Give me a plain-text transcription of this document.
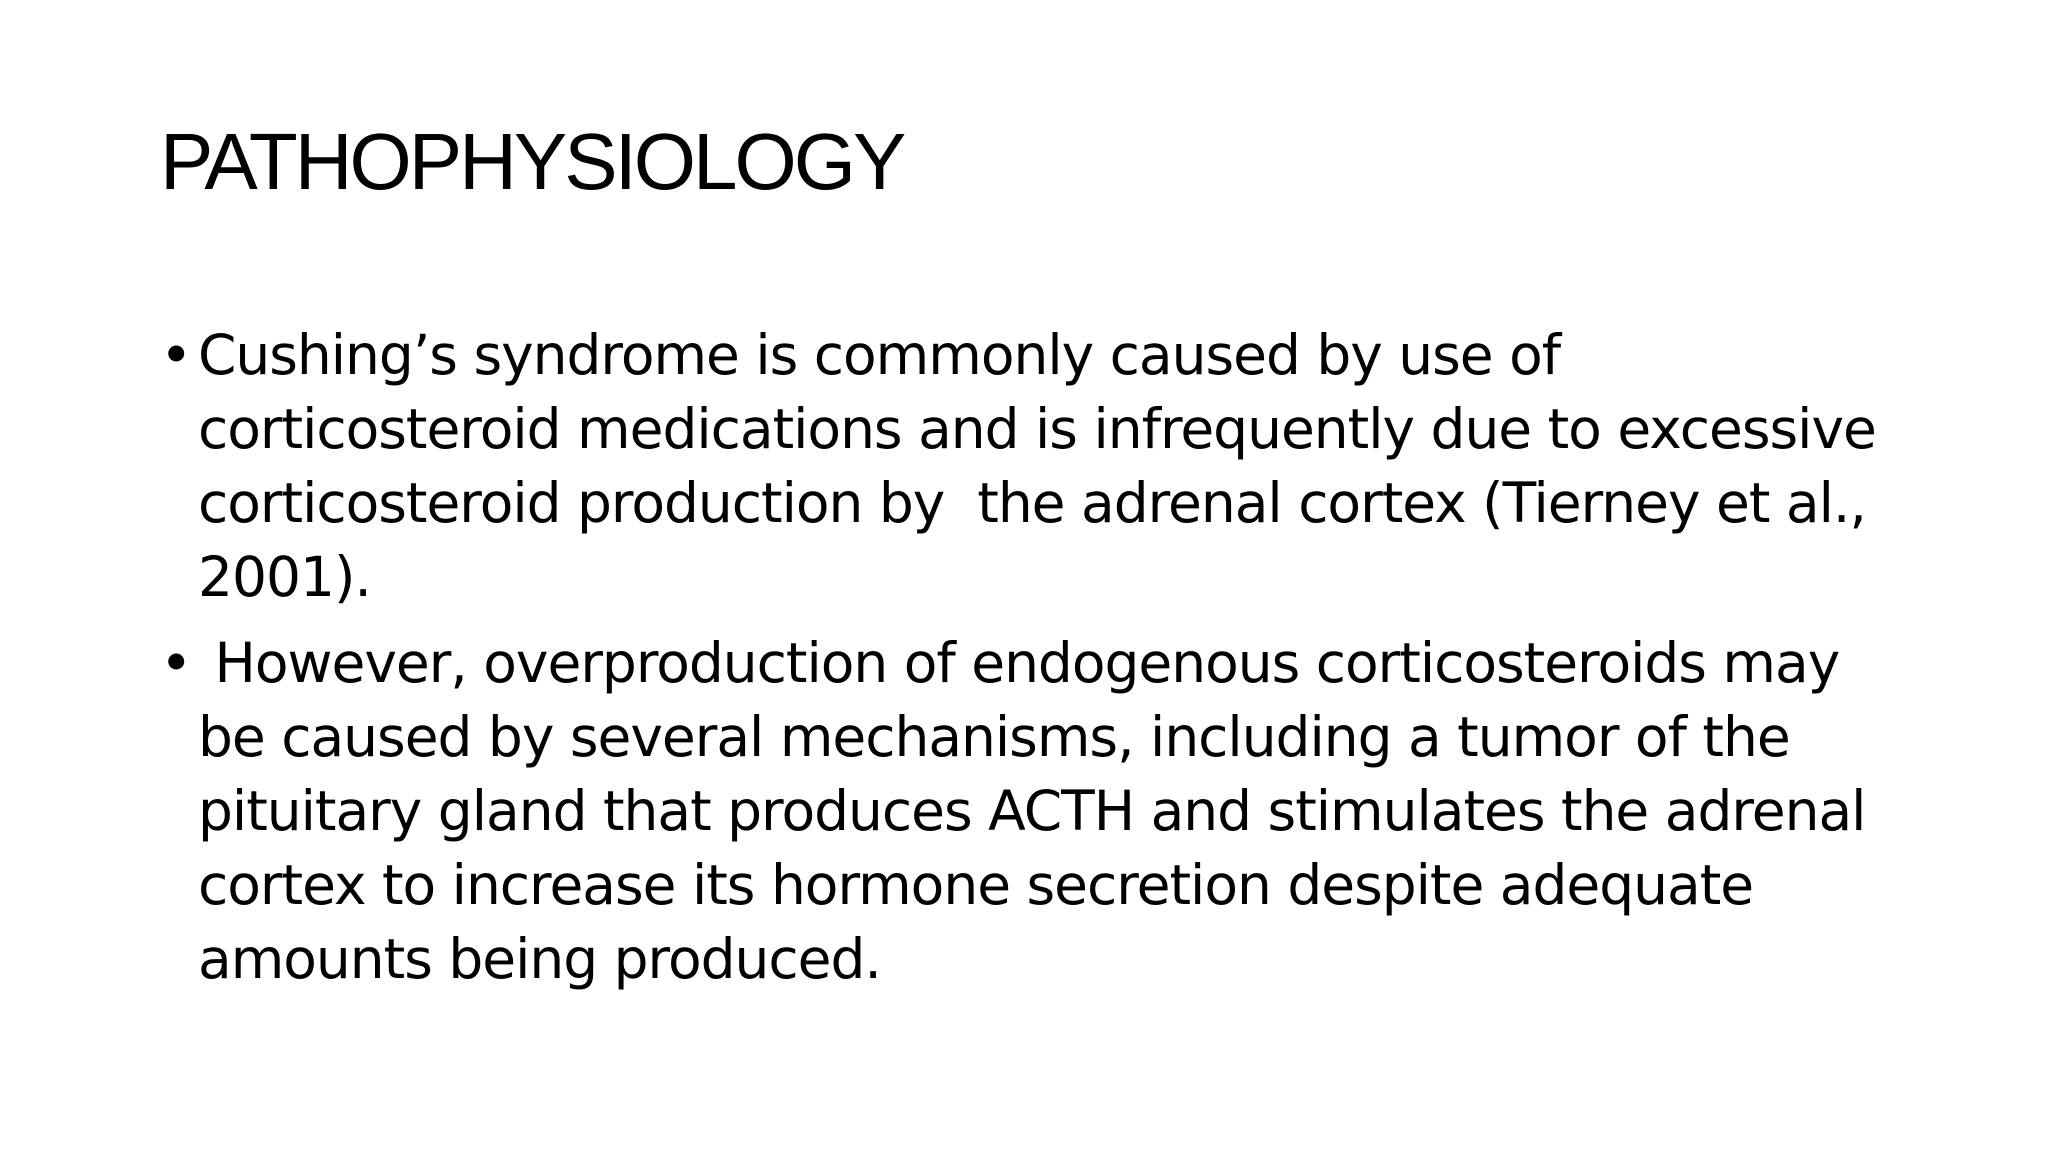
PATHOPHYSIOLOGY
• Cushing’s syndrome is commonly caused by use of corticosteroid medications and is infrequently due to excessive corticosteroid production by  the adrenal cortex (Tierney et al., 2001).
• However, overproduction of endogenous corticosteroids may be caused by several mechanisms, including a tumor of the pituitary gland that produces ACTH and stimulates the adrenal cortex to increase its hormone secretion despite adequate amounts being produced.
